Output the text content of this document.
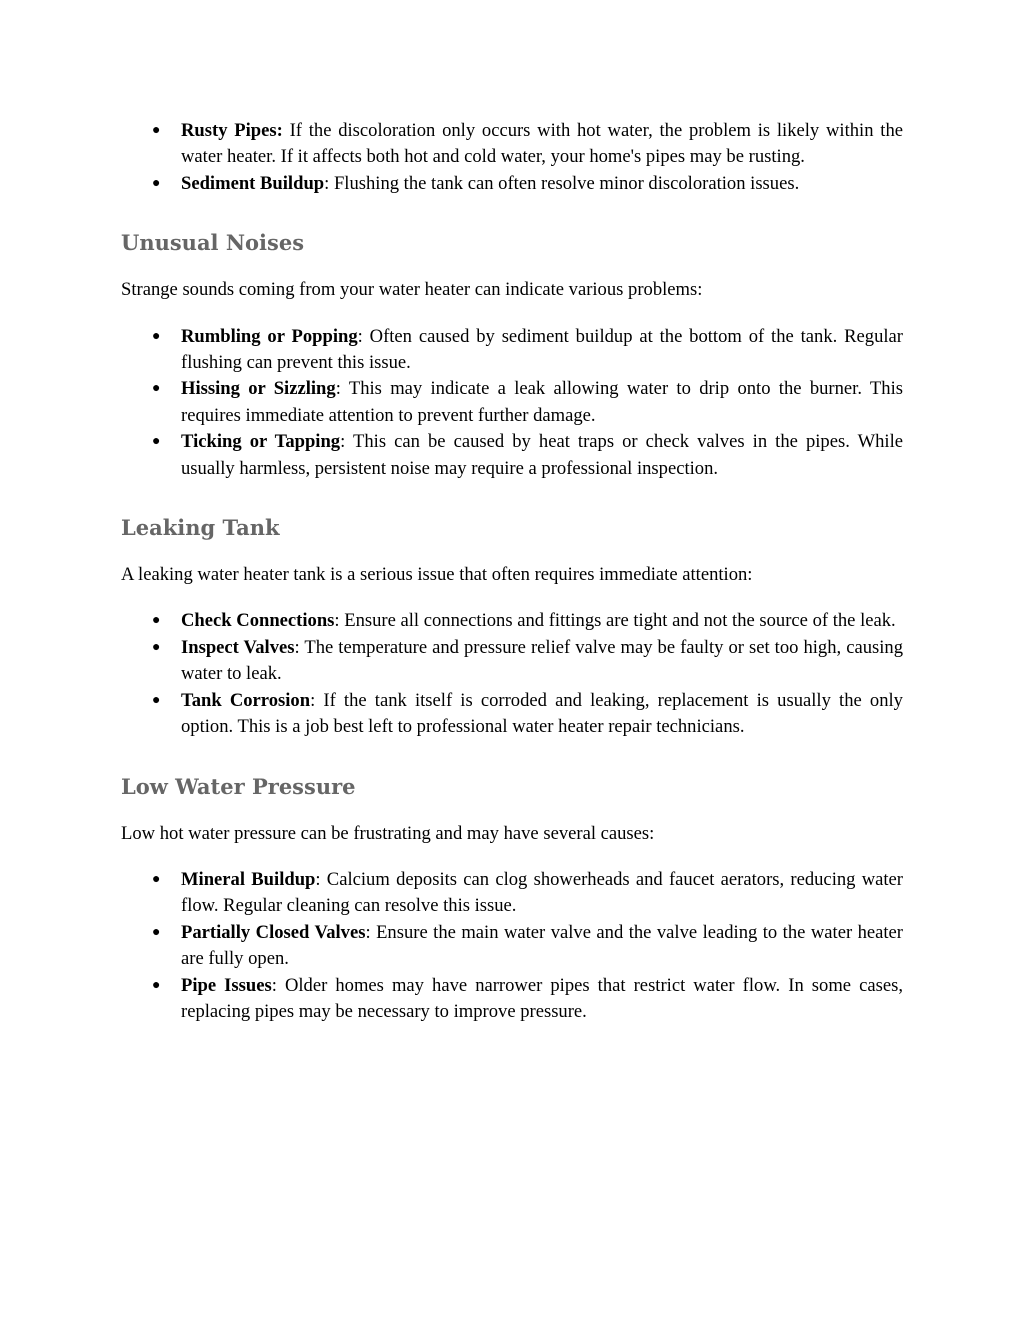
● Rusty Pipes: If the discoloration only occurs with hot water, the problem is likely within the water heater. If it affects both hot and cold water, your home's pipes may be rusting.
● Sediment Buildup: Flushing the tank can often resolve minor discoloration issues.
Unusual Noises

Strange sounds coming from your water heater can indicate various problems:

● Rumbling or Popping: Often caused by sediment buildup at the bottom of the tank. Regular flushing can prevent this issue.
● Hissing or Sizzling: This may indicate a leak allowing water to drip onto the burner. This requires immediate attention to prevent further damage.
● Ticking or Tapping: This can be caused by heat traps or check valves in the pipes. While usually harmless, persistent noise may require a professional inspection.
Leaking Tank

A leaking water heater tank is a serious issue that often requires immediate attention:

● Check Connections: Ensure all connections and fittings are tight and not the source of the leak.
● Inspect Valves: The temperature and pressure relief valve may be faulty or set too high, causing water to leak.
● Tank Corrosion: If the tank itself is corroded and leaking, replacement is usually the only option. This is a job best left to professional water heater repair technicians.
Low Water Pressure

Low hot water pressure can be frustrating and may have several causes:

● Mineral Buildup: Calcium deposits can clog showerheads and faucet aerators, reducing water flow. Regular cleaning can resolve this issue.
● Partially Closed Valves: Ensure the main water valve and the valve leading to the water heater are fully open.
● Pipe Issues: Older homes may have narrower pipes that restrict water flow. In some cases, replacing pipes may be necessary to improve pressure.
